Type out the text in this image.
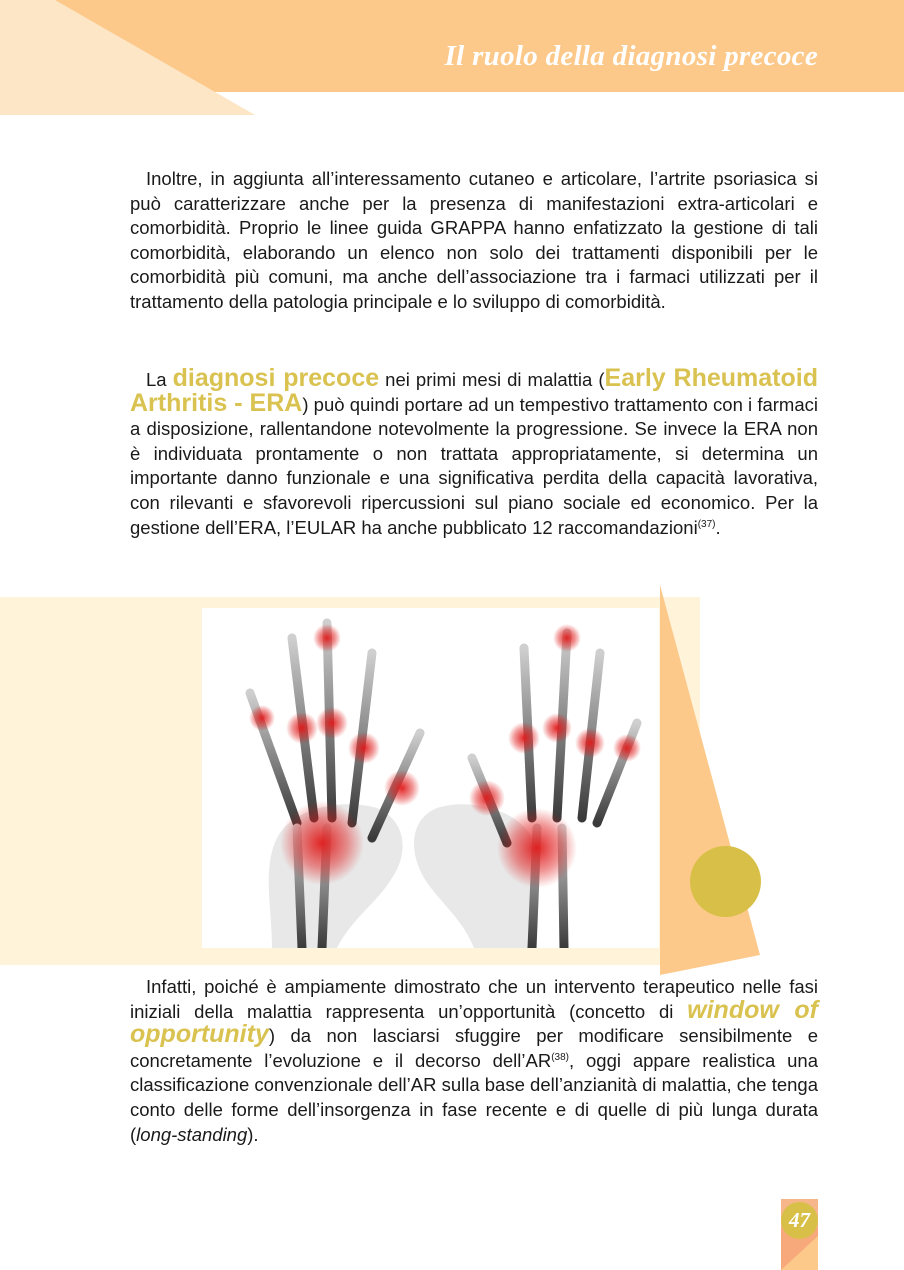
Il ruolo della diagnosi precoce

Inoltre, in aggiunta all’interessamento cutaneo e articolare, l’artrite psoriasica si può caratterizzare anche per la presenza di manifestazioni extra-articolari e comorbidità. Proprio le linee guida GRAPPA hanno enfatizzato la gestione di tali comorbidità, elaborando un elenco non solo dei trattamenti disponibili per le comorbidità più comuni, ma anche dell’associazione tra i farmaci utilizzati per il trattamento della patologia principale e lo sviluppo di comorbidità.

La diagnosi precoce nei primi mesi di malattia (Early Rheumatoid Arthritis - ERA) può quindi portare ad un tempestivo trattamento con i farmaci a disposizione, rallentandone notevolmente la progressione. Se invece la ERA non è individuata prontamente o non trattata appropriatamente, si determina un importante danno funzionale e una significativa perdita della capacità lavorativa, con rilevanti e sfavorevoli ripercussioni sul piano sociale ed economico. Per la gestione dell’ERA, l’EULAR ha anche pubblicato 12 raccomandazioni$^{(37)}$.

Infatti, poiché è ampiamente dimostrato che un intervento terapeutico nelle fasi iniziali della malattia rappresenta un’opportunità (concetto di window of opportunity) da non lasciarsi sfuggire per modificare sensibilmente e concretamente l’evoluzione e il decorso dell’AR$^{(38)}$, oggi appare realistica una classificazione convenzionale dell’AR sulla base dell’anzianità di malattia, che tenga conto delle forme dell’insorgenza in fase recente e di quelle di più lunga durata (long-standing).

47
